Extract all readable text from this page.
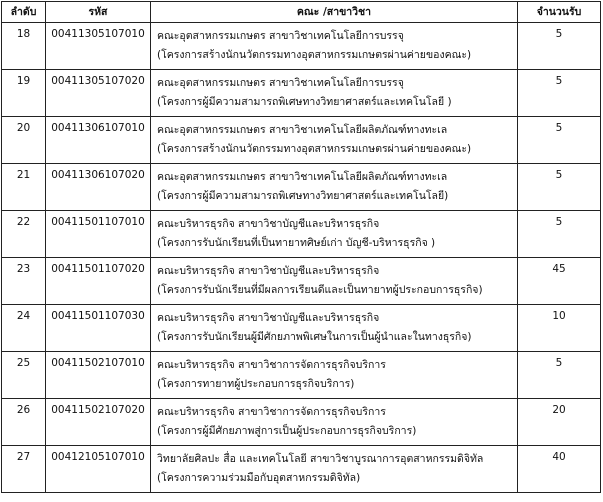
ลำดับ	รหัส	คณะ /สาขาวิชา	จำนวนรับ
18	00411305107010	คณะอุตสาหกรรมเกษตร สาขาวิชาเทคโนโลยีการบรรจุ
(โครงการสร้างนักนวัตกรรมทางอุตสาหกรรมเกษตรผ่านค่ายของคณะ)	5
19	00411305107020	คณะอุตสาหกรรมเกษตร สาขาวิชาเทคโนโลยีการบรรจุ
(โครงการผู้มีความสามารถพิเศษทางวิทยาศาสตร์และเทคโนโลยี )	5
20	00411306107010	คณะอุตสาหกรรมเกษตร สาขาวิชาเทคโนโลยีผลิตภัณฑ์ทางทะเล
(โครงการสร้างนักนวัตกรรมทางอุตสาหกรรมเกษตรผ่านค่ายของคณะ)	5
21	00411306107020	คณะอุตสาหกรรมเกษตร สาขาวิชาเทคโนโลยีผลิตภัณฑ์ทางทะเล
(โครงการผู้มีความสามารถพิเศษทางวิทยาศาสตร์และเทคโนโลยี)	5
22	00411501107010	คณะบริหารธุรกิจ สาขาวิชาบัญชีและบริหารธุรกิจ
(โครงการรับนักเรียนที่เป็นทายาทศิษย์เก่า บัญชี-บริหารธุรกิจ )	5
23	00411501107020	คณะบริหารธุรกิจ สาขาวิชาบัญชีและบริหารธุรกิจ
(โครงการรับนักเรียนที่มีผลการเรียนดีและเป็นทายาทผู้ประกอบการธุรกิจ)	45
24	00411501107030	คณะบริหารธุรกิจ สาขาวิชาบัญชีและบริหารธุรกิจ
(โครงการรับนักเรียนผู้มีศักยภาพพิเศษในการเป็นผู้นำและในทางธุรกิจ)	10
25	00411502107010	คณะบริหารธุรกิจ สาขาวิชาการจัดการธุรกิจบริการ
(โครงการทายาทผู้ประกอบการธุรกิจบริการ)	5
26	00411502107020	คณะบริหารธุรกิจ สาขาวิชาการจัดการธุรกิจบริการ
(โครงการผู้มีศักยภาพสู่การเป็นผู้ประกอบการธุรกิจบริการ)	20
27	00412105107010	วิทยาลัยศิลปะ สื่อ และเทคโนโลยี สาขาวิชาบูรณาการอุตสาหกรรมดิจิทัล
(โครงการความร่วมมือกับอุตสาหกรรมดิจิทัล)	40
